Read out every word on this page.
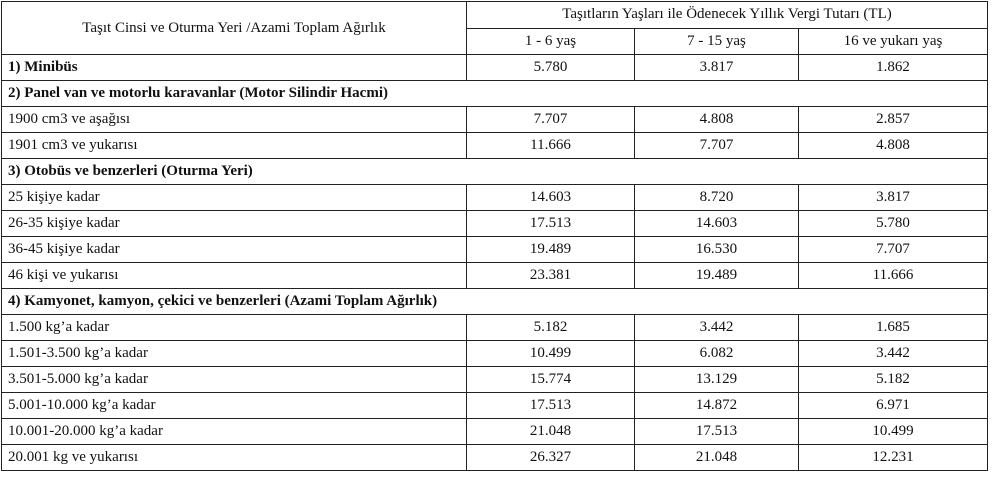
Taşıt Cinsi ve Oturma Yeri /Azami Toplam Ağırlık	Taşıtların Yaşları ile Ödenecek Yıllık Vergi Tutarı (TL)		
	1 - 6 yaş	7 - 15 yaş	16 ve yukarı yaş
1) Minibüs	5.780	3.817	1.862
2) Panel van ve motorlu karavanlar (Motor Silindir Hacmi)			
1900 cm3 ve aşağısı	7.707	4.808	2.857
1901 cm3 ve yukarısı	11.666	7.707	4.808
3) Otobüs ve benzerleri (Oturma Yeri)			
25 kişiye kadar	14.603	8.720	3.817
26-35 kişiye kadar	17.513	14.603	5.780
36-45 kişiye kadar	19.489	16.530	7.707
46 kişi ve yukarısı	23.381	19.489	11.666
4) Kamyonet, kamyon, çekici ve benzerleri (Azami Toplam Ağırlık)			
1.500 kg’a kadar	5.182	3.442	1.685
1.501-3.500 kg’a kadar	10.499	6.082	3.442
3.501-5.000 kg’a kadar	15.774	13.129	5.182
5.001-10.000 kg’a kadar	17.513	14.872	6.971
10.001-20.000 kg’a kadar	21.048	17.513	10.499
20.001 kg ve yukarısı	26.327	21.048	12.231
